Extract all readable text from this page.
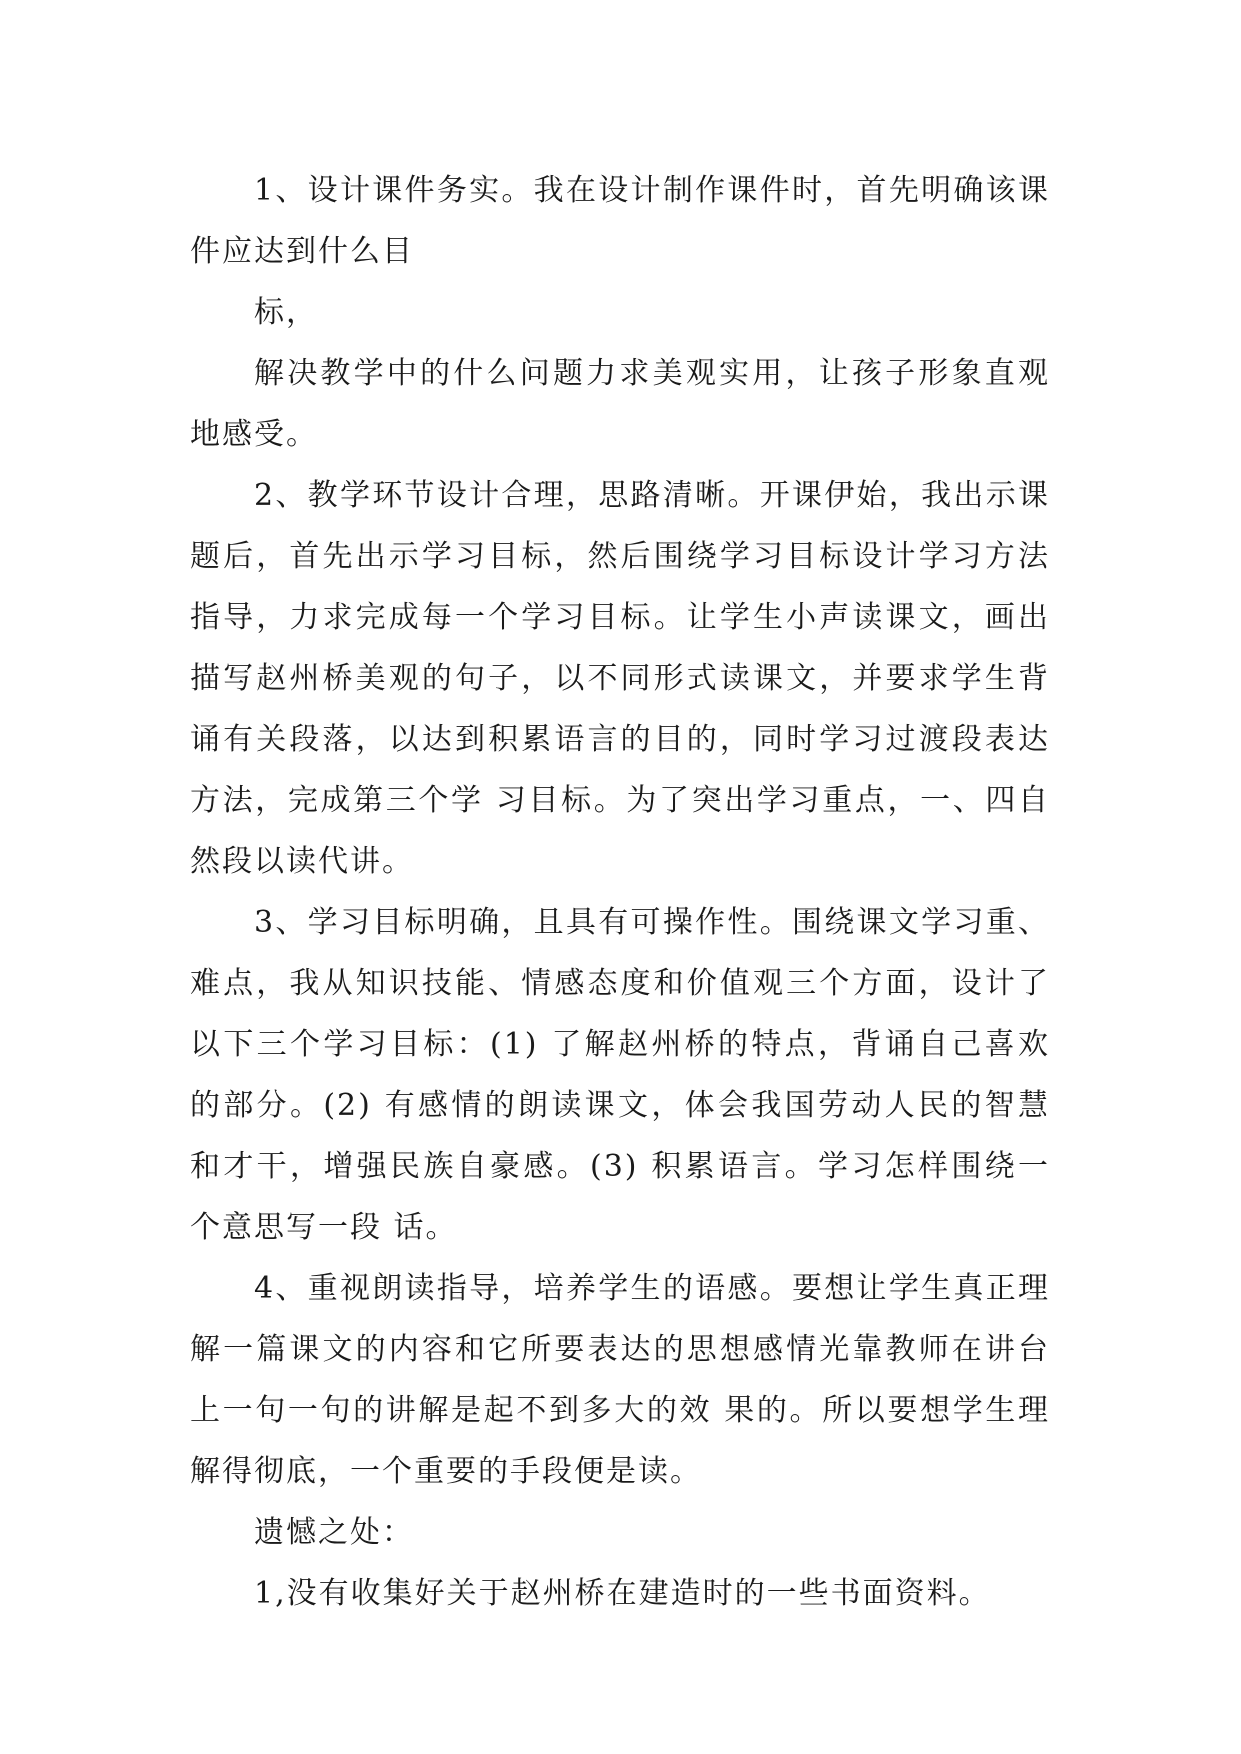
1、设计课件务实。我在设计制作课件时，首先明确该课件应达到什么目

标，

解决教学中的什么问题力求美观实用，让孩子形象直观地感受。

2、教学环节设计合理，思路清晰。开课伊始，我出示课题后，首先出示学习目标，然后围绕学习目标设计学习方法指导，力求完成每一个学习目标。让学生小声读课文，画出描写赵州桥美观的句子，以不同形式读课文，并要求学生背诵有关段落，以达到积累语言的目的，同时学习过渡段表达方法，完成第三个学 习目标。为了突出学习重点，一、四自然段以读代讲。

3、学习目标明确，且具有可操作性。围绕课文学习重、难点，我从知识技能、情感态度和价值观三个方面，设计了以下三个学习目标：(1) 了解赵州桥的特点，背诵自己喜欢的部分。(2) 有感情的朗读课文，体会我国劳动人民的智慧和才干，增强民族自豪感。(3) 积累语言。学习怎样围绕一个意思写一段 话。

4、重视朗读指导，培养学生的语感。要想让学生真正理解一篇课文的内容和它所要表达的思想感情光靠教师在讲台上一句一句的讲解是起不到多大的效 果的。所以要想学生理解得彻底，一个重要的手段便是读。

遗憾之处：

1,没有收集好关于赵州桥在建造时的一些书面资料。
